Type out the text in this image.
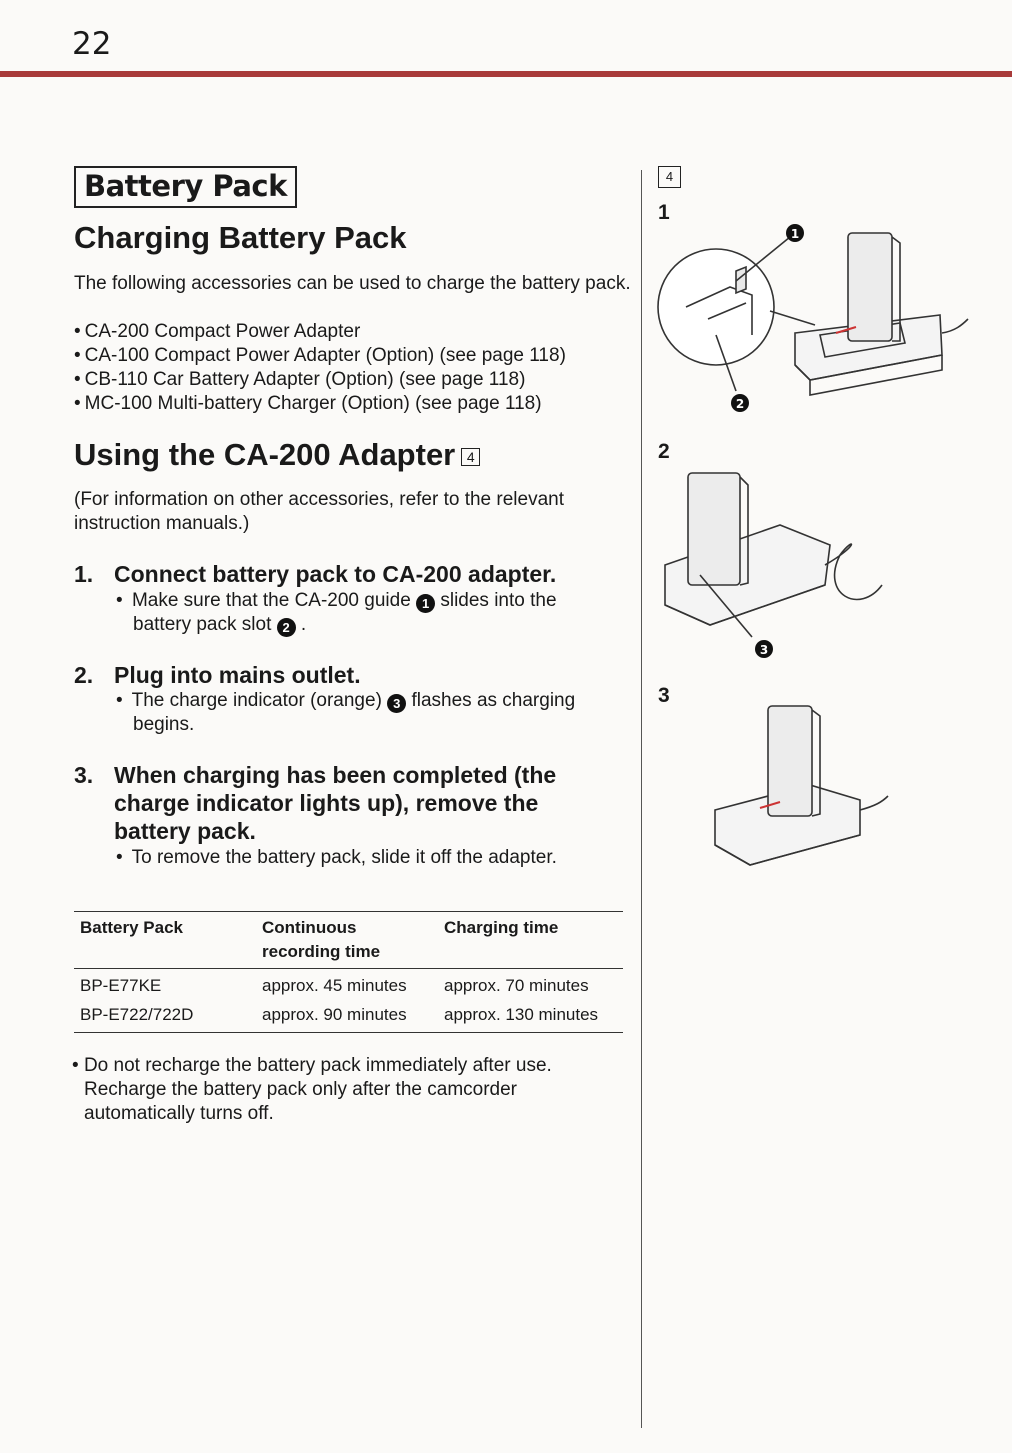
22
Battery Pack
Charging Battery Pack
The following accessories can be used to charge the battery pack.
• CA-200 Compact Power Adapter
• CA-100 Compact Power Adapter (Option) (see page 118)
• CB-110 Car Battery Adapter (Option) (see page 118)
• MC-100 Multi-battery Charger (Option) (see page 118)
Using the CA-200 Adapter 4
(For information on other accessories, refer to the relevant instruction manuals.)
1. Connect battery pack to CA-200 adapter.
• Make sure that the CA-200 guide 1 slides into the
battery pack slot 2 .
2. Plug into mains outlet.
• The charge indicator (orange) 3 flashes as charging
begins.
3. When charging has been completed (the charge indicator lights up), remove the battery pack.
• To remove the battery pack, slide it off the adapter.
Battery Pack	Continuous recording time	Charging time
BP-E77KE	approx. 45 minutes	approx. 70 minutes
BP-E722/722D	approx. 90 minutes	approx. 130 minutes
• Do not recharge the battery pack immediately after use.
Recharge the battery pack only after the camcorder automatically turns off.
4
1
2
3
1
2
3
